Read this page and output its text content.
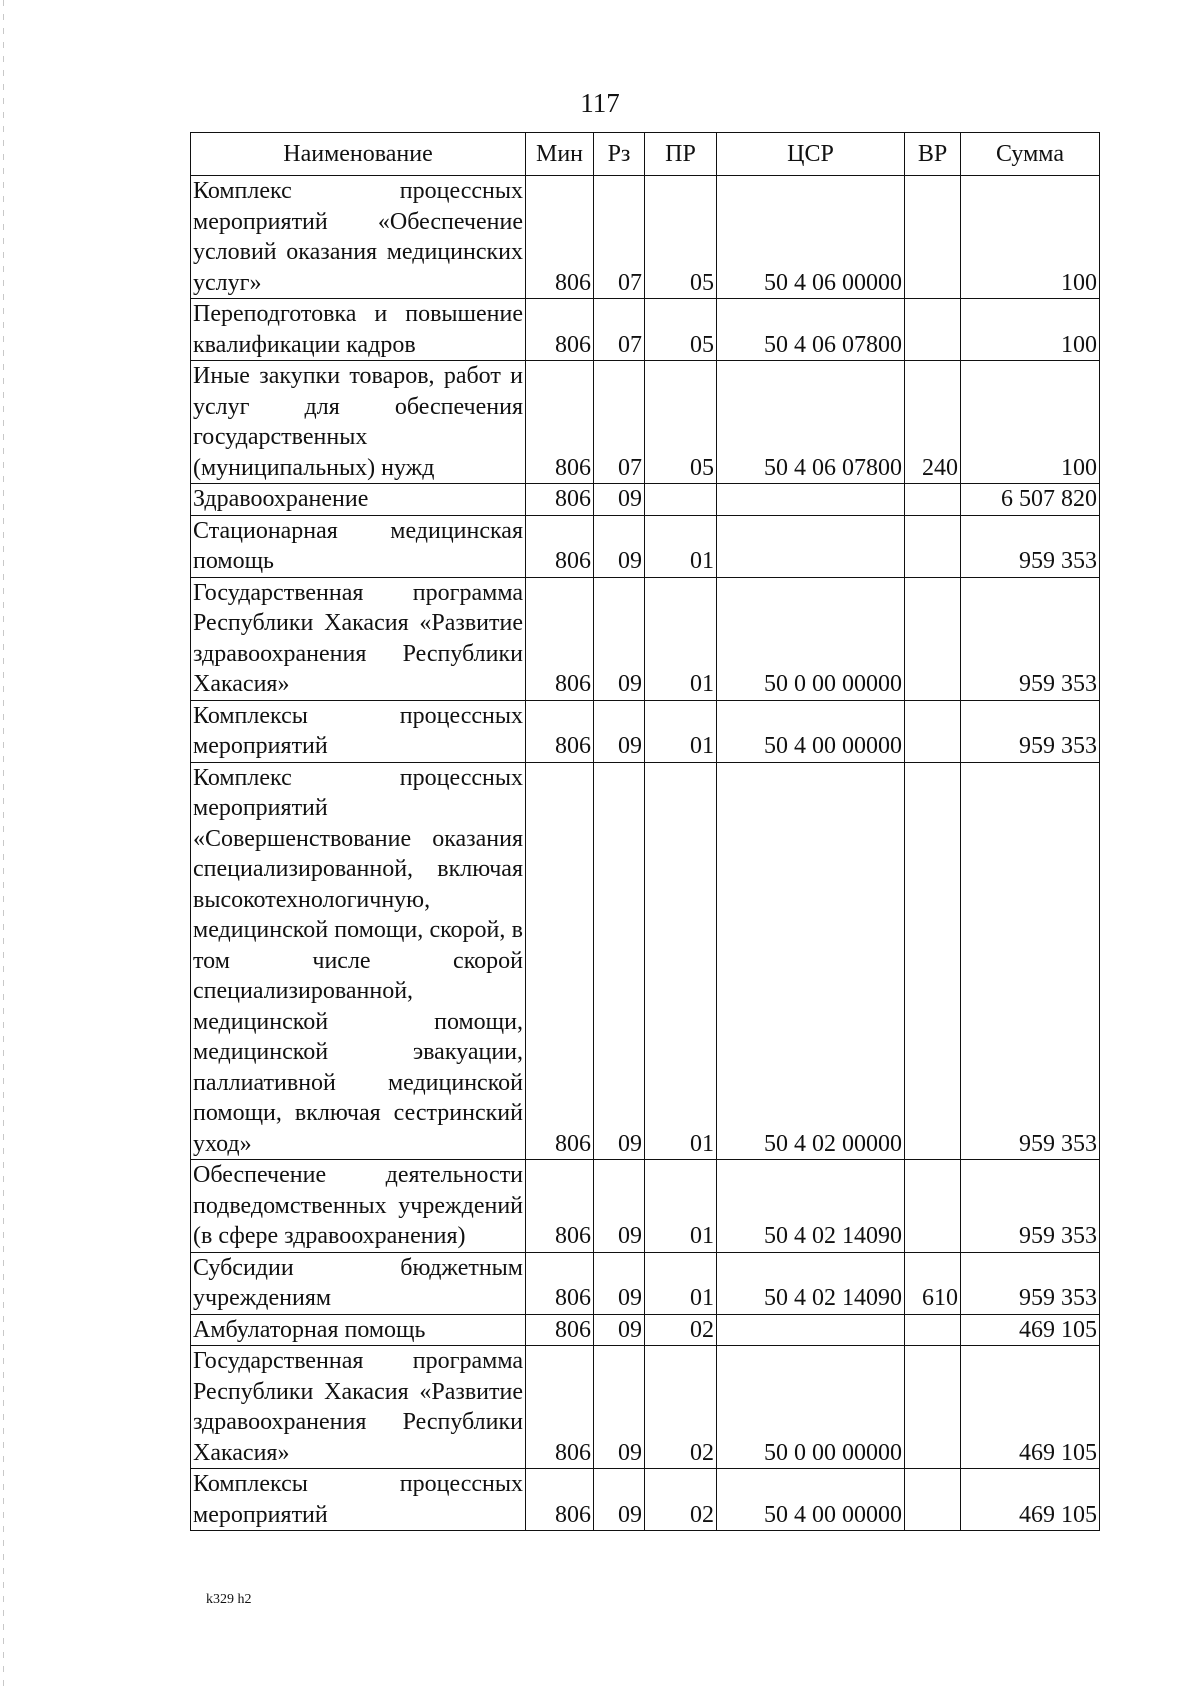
117
Наименование	Мин	Рз	ПР	ЦСР	ВР	Сумма
Комплекс процессных мероприятий «Обеспечение условий оказания медицинских услуг»	806	07	05	50 4 06 00000		100
Переподготовка и повышение квалификации кадров	806	07	05	50 4 06 07800		100
Иные закупки товаров, работ и услуг для обеспечения государственных (муниципальных) нужд	806	07	05	50 4 06 07800	240	100
Здравоохранение	806	09				6 507 820
Стационарная медицинская помощь	806	09	01			959 353
Государственная программа Республики Хакасия «Развитие здравоохранения Республики Хакасия»	806	09	01	50 0 00 00000		959 353
Комплексы процессных мероприятий	806	09	01	50 4 00 00000		959 353
Комплекс процессных мероприятий «Совершенствование оказания специализированной, включая высокотехнологичную, медицинской помощи, скорой, в том числе скорой специализированной, медицинской помощи, медицинской эвакуации, паллиативной медицинской помощи, включая сестринский уход»	806	09	01	50 4 02 00000		959 353
Обеспечение деятельности подведомственных учреждений (в сфере здравоохранения)	806	09	01	50 4 02 14090		959 353
Субсидии бюджетным учреждениям	806	09	01	50 4 02 14090	610	959 353
Амбулаторная помощь	806	09	02			469 105
Государственная программа Республики Хакасия «Развитие здравоохранения Республики Хакасия»	806	09	02	50 0 00 00000		469 105
Комплексы процессных мероприятий	806	09	02	50 4 00 00000		469 105
k329 h2
